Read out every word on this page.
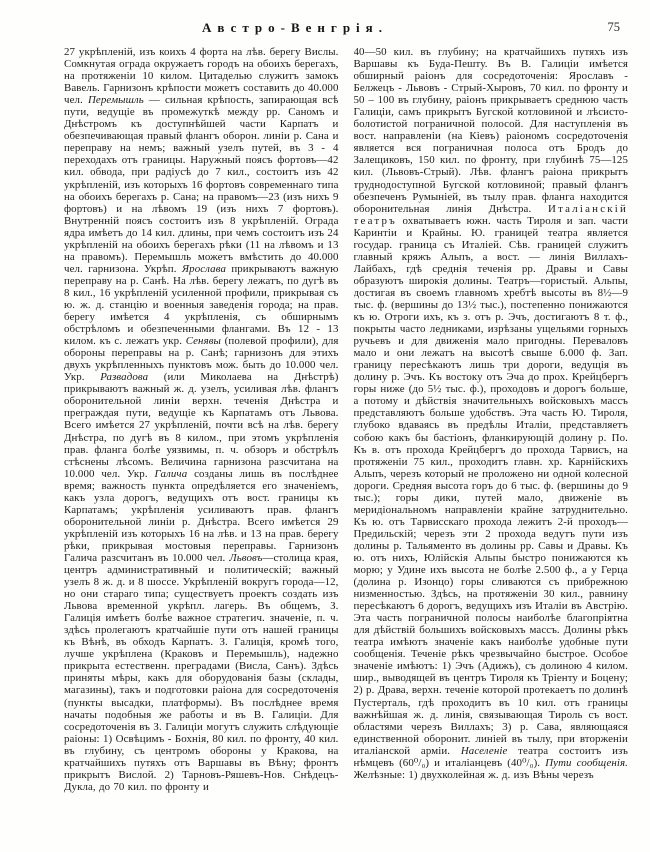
Австро-Венгрія.	75
27 укрѣпленій, изъ коихъ 4 форта на лѣв. берегу Вислы. Сомкнутая ограда окружаетъ городъ на обоихъ берегахъ, на протяженіи 10 килом. Цитаделью служитъ замокъ Вавель. Гарнизонъ крѣпости можетъ составить до 40.000 чел. Перемышль — сильная крѣпость, запирающая всѣ пути, ведущіе въ промежуткѣ между рр. Саномъ и Днѣстромъ къ доступнѣйшей части Карпатъ и обезпечивающая правый флангъ оборон. линіи р. Сана и переправу на немъ; важный узелъ путей, въ 3 - 4 переходахъ отъ границы. Наружный поясъ фортовъ—42 кил. обвода, при радіусѣ до 7 кил., состоитъ изъ 42 укрѣпленій, изъ которыхъ 16 фортовъ современнаго типа на обоихъ берегахъ р. Сана; на правомъ—23 (изъ нихъ 9 фортовъ) и на лѣвомъ 19 (изъ нихъ 7 фортовъ). Внутренній поясъ состоитъ изъ 8 укрѣпленій. Ограда ядра имѣетъ до 14 кил. длины, при чемъ состоитъ изъ 24 укрѣпленій на обоихъ берегахъ рѣки (11 на лѣвомъ и 13 на правомъ). Перемышль можетъ вмѣстить до 40.000 чел. гарнизона. Укрѣп. Ярослава прикрываютъ важную переправу на р. Санѣ. На лѣв. берегу лежатъ, по дугѣ въ 8 кил., 16 укрѣпленій усиленной профили, прикрывая съ ю. ж. д. станцію и военныя заведенія города; на прав. берегу имѣется 4 укрѣпленія, съ обширнымъ обстрѣломъ и обезпеченными флангами. Въ 12 - 13 килом. къ с. лежатъ укр. Сенявы (полевой профили), для обороны переправы на р. Санѣ; гарнизонъ для этихъ двухъ укрѣпленныхъ пунктовъ мож. быть до 10.000 чел. Укр. Развадова (или Миколаева на Днѣстрѣ) прикрываютъ важный ж. д. узелъ, усиливая лѣв. флангъ оборонительной линіи верхн. теченія Днѣстра и преграждая пути, ведущіе къ Карпатамъ отъ Львова. Всего имѣется 27 укрѣпленій, почти всѣ на лѣв. берегу Днѣстра, по дугѣ въ 8 килом., при этомъ укрѣпленія прав. фланга болѣе уязвимы, п. ч. обзоръ и обстрѣлъ стѣснены лѣсомъ. Величина гарнизона разсчитана на 10.000 чел. Укр. Галича созданы лишь въ послѣднее время; важность пункта опредѣляется его значеніемъ, какъ узла дорогъ, ведущихъ отъ вост. границы къ Карпатамъ; укрѣпленія усиливаютъ прав. флангъ оборонительной линіи р. Днѣстра. Всего имѣется 29 укрѣпленій изъ которыхъ 16 на лѣв. и 13 на прав. берегу рѣки, прикрывая мостовыя переправы. Гарнизонъ Галича разсчитанъ въ 10.000 чел. Львовъ—столица края, центръ административный и политическій; важный узелъ 8 ж. д. и 8 шоссе. Укрѣпленій вокругъ города—12, но они стараго типа; существуетъ проектъ создать изъ Львова временной укрѣпл. лагерь. Въ общемъ, З. Галиція имѣетъ болѣе важное стратегич. значеніе, п. ч. здѣсь пролегаютъ кратчайшіе пути отъ нашей границы къ Вѣнѣ, въ обходъ Карпатъ. З. Галиція, кромѣ того, лучше укрѣплена (Краковъ и Перемышль), надежно прикрыта естественн. преградами (Висла, Санъ). Здѣсь приняты мѣры, какъ для оборудованія базы (склады, магазины), такъ и подготовки раіона для сосредоточенія (пункты высадки, платформы). Въ послѣднее время начаты подобныя же работы и въ В. Галиціи. Для сосредоточенія въ З. Галиціи могутъ служить слѣдующіе раіоны: 1) Освѣцимъ - Бохнія, 80 кил. по фронту, 40 кил. въ глубину, съ центромъ обороны у Кракова, на кратчайшихъ путяхъ отъ Варшавы въ Вѣну; фронтъ прикрытъ Вислой. 2) Тарновъ-Ряшевъ-Нов. Снѣдецъ-Дукла, до 70 кил. по фронту и
40—50 кил. въ глубину; на кратчайшихъ путяхъ изъ Варшавы къ Буда-Пешту. Въ В. Галиціи имѣется обширный раіонъ для сосредоточенія: Ярославъ - Белжецъ - Львовъ - Стрый-Хыровъ, 70 кил. по фронту и 50 – 100 въ глубину, раіонъ прикрываетъ среднюю часть Галиціи, самъ прикрытъ Бугской котловиной и лѣсисто-болотистой пограничной полосой. Для наступленія въ вост. направленіи (на Кіевъ) раіономъ сосредоточенія является вся пограничная полоса отъ Бродъ до Залещиковъ, 150 кил. по фронту, при глубинѣ 75—125 кил. (Львовъ-Стрый). Лѣв. флангъ раіона прикрытъ труднодоступной Бугской котловиной; правый флангъ обезпеченъ Румыніей, въ тылу прав. фланга находится оборонительная линія Днѣстра. Италіанскій театръ охватываетъ южн. часть Тироля и зап. части Каринтіи и Крайны. Ю. границей театра является государ. граница съ Италіей. Сѣв. границей служитъ главный кряжъ Альпъ, а вост. — линія Виллахъ-Лайбахъ, гдѣ среднія теченія рр. Дравы и Савы образуютъ широкія долины. Театръ—гористый. Альпы, достигая въ своемъ главномъ хребтѣ высоты въ 8½—9 тыс. ф. (вершины до 13½ тыс.), постепенно понижаются къ ю. Отроги ихъ, къ з. отъ р. Эчъ, достигаютъ 8 т. ф., покрыты часто ледниками, изрѣзаны ущельями горныхъ ручьевъ и для движенія мало пригодны. Переваловъ мало и они лежатъ на высотѣ свыше 6.000 ф. Зап. границу пересѣкаютъ лишь три дороги, ведущія въ долину р. Эчъ. Къ востоку отъ Эча до прох. Крейцбергъ горы ниже (до 5½ тыс. ф.), проходовъ и дорогъ больше, а потому и дѣйствія значительныхъ войсковыхъ массъ представляютъ больше удобствъ. Эта часть Ю. Тироля, глубоко вдаваясь въ предѣлы Италіи, представляетъ собою какъ бы бастіонъ, фланкирующій долину р. По. Къ в. отъ прохода Крейцбергъ до прохода Тарвисъ, на протяженіи 75 кил., проходитъ главн. хр. Карнійскихъ Альпъ, черезъ который не проложено ни одной колесной дороги. Средняя высота горъ до 6 тыс. ф. (вершины до 9 тыс.); горы дики, путей мало, движеніе въ меридіональномъ направленіи крайне затруднительно. Къ ю. отъ Тарвисскаго прохода лежитъ 2-й проходъ—Предильскій; черезъ эти 2 прохода ведутъ пути изъ долины р. Тальяменто въ долины рр. Савы и Дравы. Къ ю. отъ нихъ, Юлійскія Альпы быстро понижаются къ морю; у Удине ихъ высота не болѣе 2.500 ф., а у Герца (долина р. Изонцо) горы сливаются съ прибрежною низменностью. Здѣсь, на протяженіи 30 кил., равнину пересѣкаютъ 6 дорогъ, ведущихъ изъ Италіи въ Австрію. Эта часть пограничной полосы наиболѣе благопріятна для дѣйствій большихъ войсковыхъ массъ. Долины рѣкъ театра имѣютъ значеніе какъ наиболѣе удобные пути сообщенія. Теченіе рѣкъ чрезвычайно быстрое. Особое значеніе имѣютъ: 1) Эчъ (Адижъ), съ долиною 4 килом. шир., выводящей въ центръ Тироля къ Тріенту и Боцену; 2) р. Драва, верхн. теченіе которой протекаетъ по долинѣ Пустерталь, гдѣ проходитъ въ 10 кил. отъ границы важнѣйшая ж. д. линія, связывающая Тироль съ вост. областями черезъ Виллахъ; 3) р. Сава, являющаяся единственной оборонит. линіей въ тылу, при вторженіи италіанской арміи. Населеніе театра состоитъ изъ нѣмцевъ (60⁰/₀) и италіанцевъ (40⁰/₀). Пути сообщенія. Желѣзные: 1) двухколейная ж. д. изъ Вѣны черезъ
